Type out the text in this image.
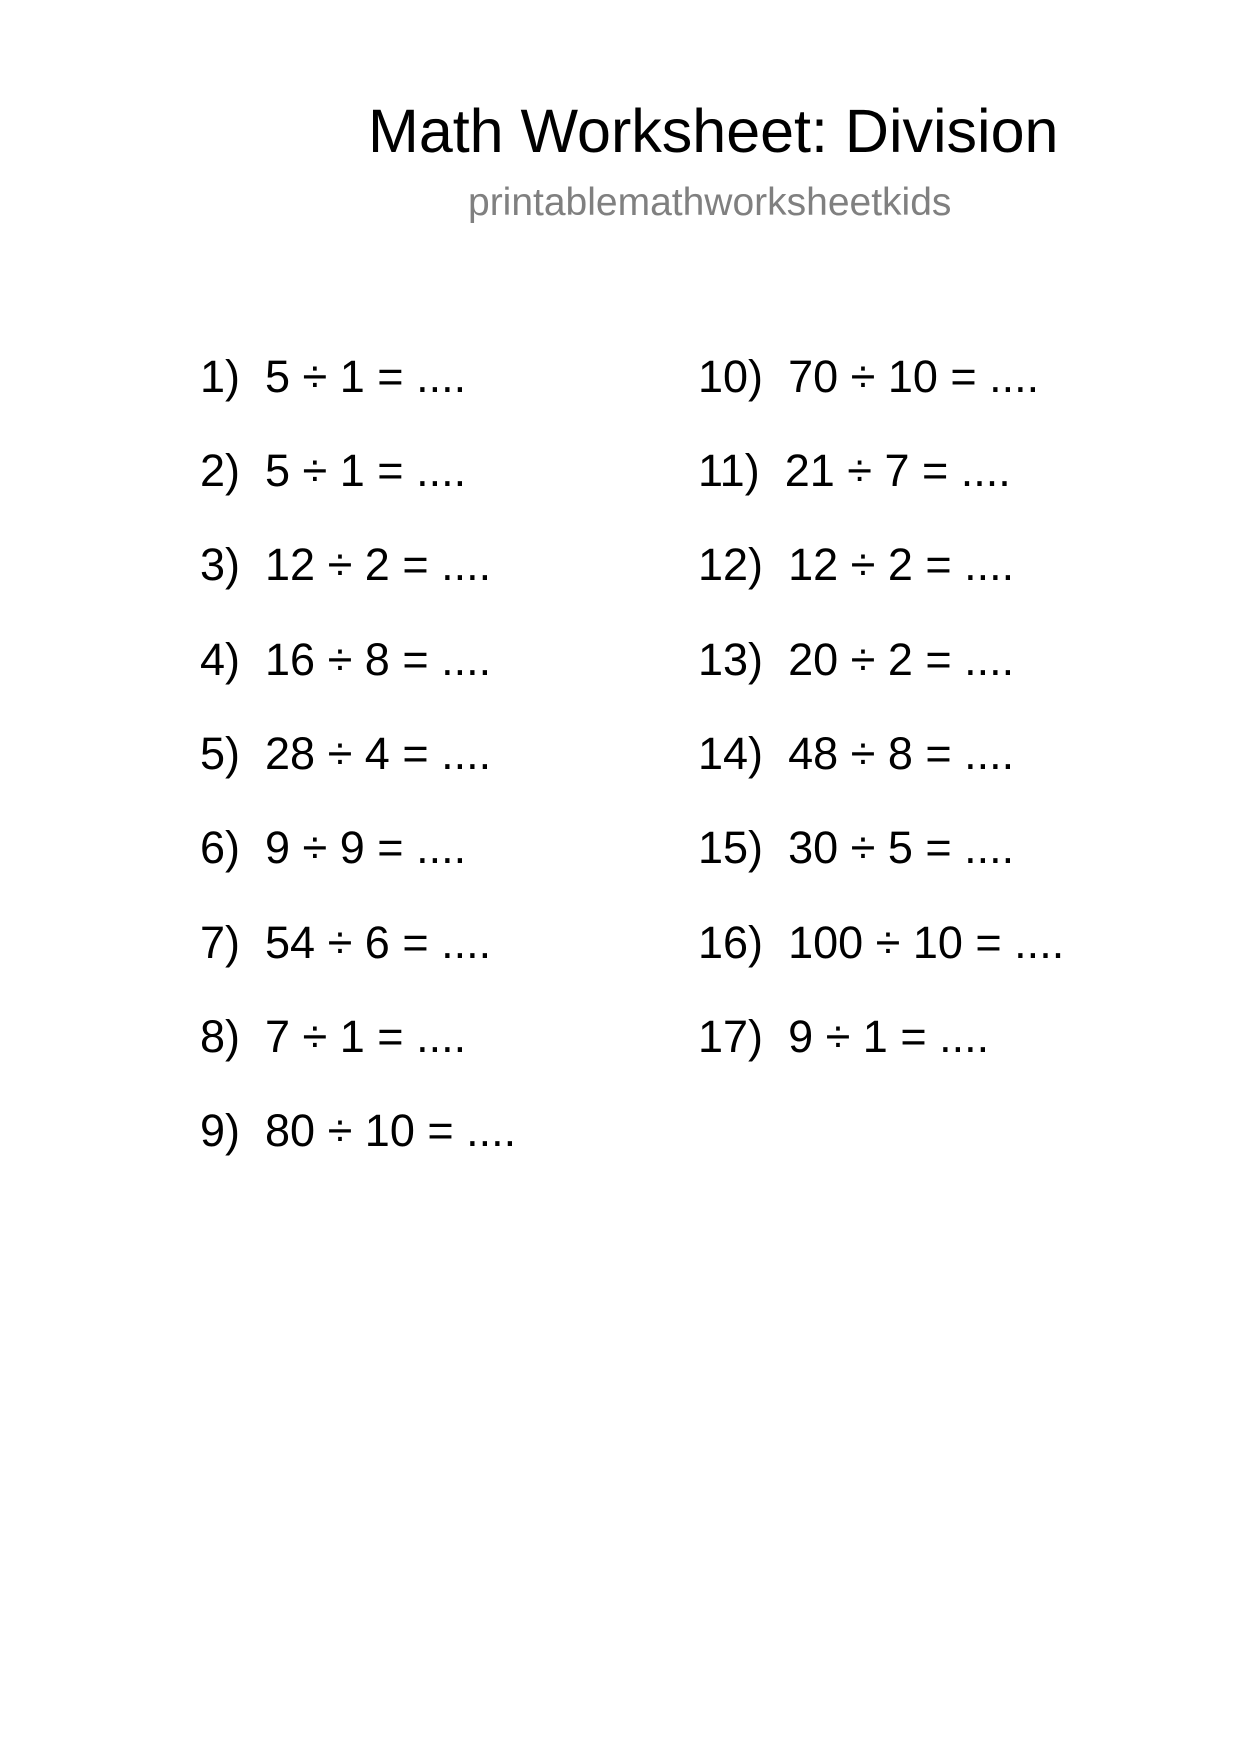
Math Worksheet: Division
printablemathworksheetkids
1) 5 ÷ 1 = ....
2) 5 ÷ 1 = ....
3) 12 ÷ 2 = ....
4) 16 ÷ 8 = ....
5) 28 ÷ 4 = ....
6) 9 ÷ 9 = ....
7) 54 ÷ 6 = ....
8) 7 ÷ 1 = ....
9) 80 ÷ 10 = ....
10) 70 ÷ 10 = ....
11) 21 ÷ 7 = ....
12) 12 ÷ 2 = ....
13) 20 ÷ 2 = ....
14) 48 ÷ 8 = ....
15) 30 ÷ 5 = ....
16) 100 ÷ 10 = ....
17) 9 ÷ 1 = ....
